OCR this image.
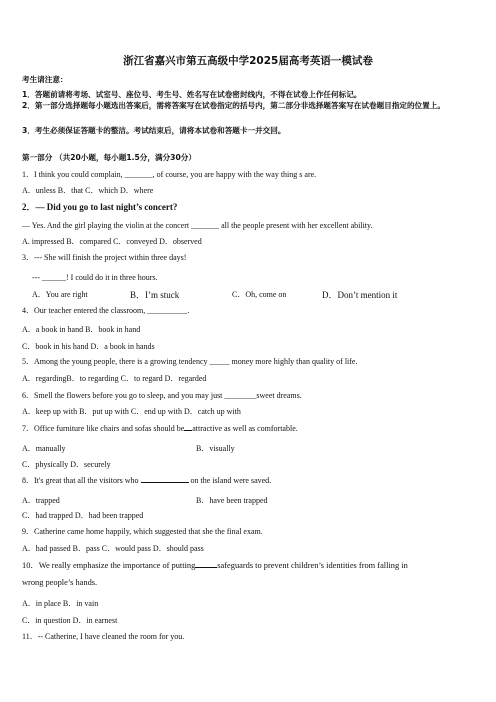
浙江省嘉兴市第五高级中学2025届高考英语一模试卷
考生请注意：
1．答题前请将考场、试室号、座位号、考生号、姓名写在试卷密封线内，不得在试卷上作任何标记。
2．第一部分选择题每小题选出答案后，需将答案写在试卷指定的括号内，第二部分非选择题答案写在试卷题目指定的位置上。
3．考生必须保证答题卡的整洁。考试结束后，请将本试卷和答题卡一并交回。
第一部分 （共20小题，每小题1.5分，满分30分）
1．I think you could complain, _______, of course, you are happy with the way thing s are.
A．unless B．that C．which D．where
2．— Did you go to last night’s concert?
— Yes. And the girl playing the violin at the concert _______ all the people present with her excellent ability.
A. impressed B．compared C．conveyed D．observed
3．--- She will finish the project within three days!
--- ______! I could do it in three hours.
A．You are right	B．I’m stuck	C．Oh, come on	D．Don’t mention it
4．Our teacher entered the classroom, __________.
A．a book in hand B．book in hand
C．book in his hand D．a book in hands
5．Among the young people, there is a growing tendency _____ money more highly than quality of life.
A．regardingB．to regarding C．to regard D．regarded
6．Smell the flowers before you go to sleep, and you may just ________sweet dreams.
A．keep up with B．put up with C．end up with D．catch up with
7．Office furniture like chairs and sofas should be attractive as well as comfortable.
A．manually	B．visually
C．physically D．securely
8．It's great that all the visitors who	on the island were saved.
A．trapped	B．have been trapped
C．had trapped D．had been trapped
9．Catherine came home happily, which suggested that she the final exam.
A．had passed B．pass C．would pass D．should pass
10．We really emphasize the importance of putting	safeguards to prevent children’s identities from falling in
wrong people’s hands.
A．in place B．in vain
C．in question D．in earnest
11．-- Catherine, I have cleaned the room for you.
